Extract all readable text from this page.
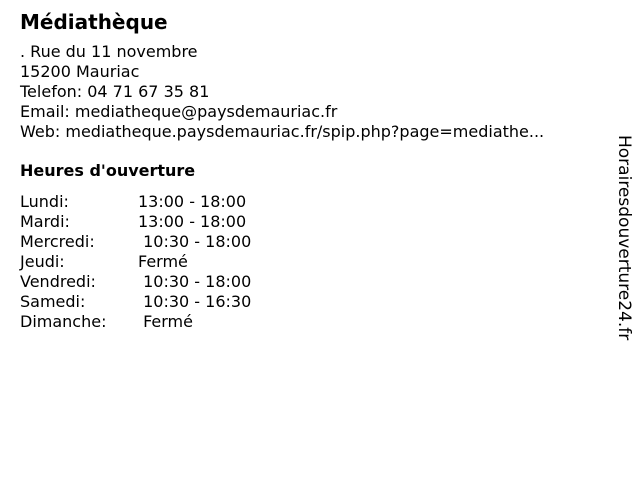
Médiathèque
. Rue du 11 novembre
15200 Mauriac
Telefon: 04 71 67 35 81
Email: mediatheque@paysdemauriac.fr
Web: mediatheque.paysdemauriac.fr/spip.php?page=mediathe...
Heures d'ouverture
Lundi:	13:00 - 18:00
Mardi:	13:00 - 18:00
Mercredi:	10:30 - 18:00
Jeudi:	Fermé
Vendredi:	10:30 - 18:00
Samedi:	10:30 - 16:30
Dimanche:	Fermé	Horairesdouverture24.fr
